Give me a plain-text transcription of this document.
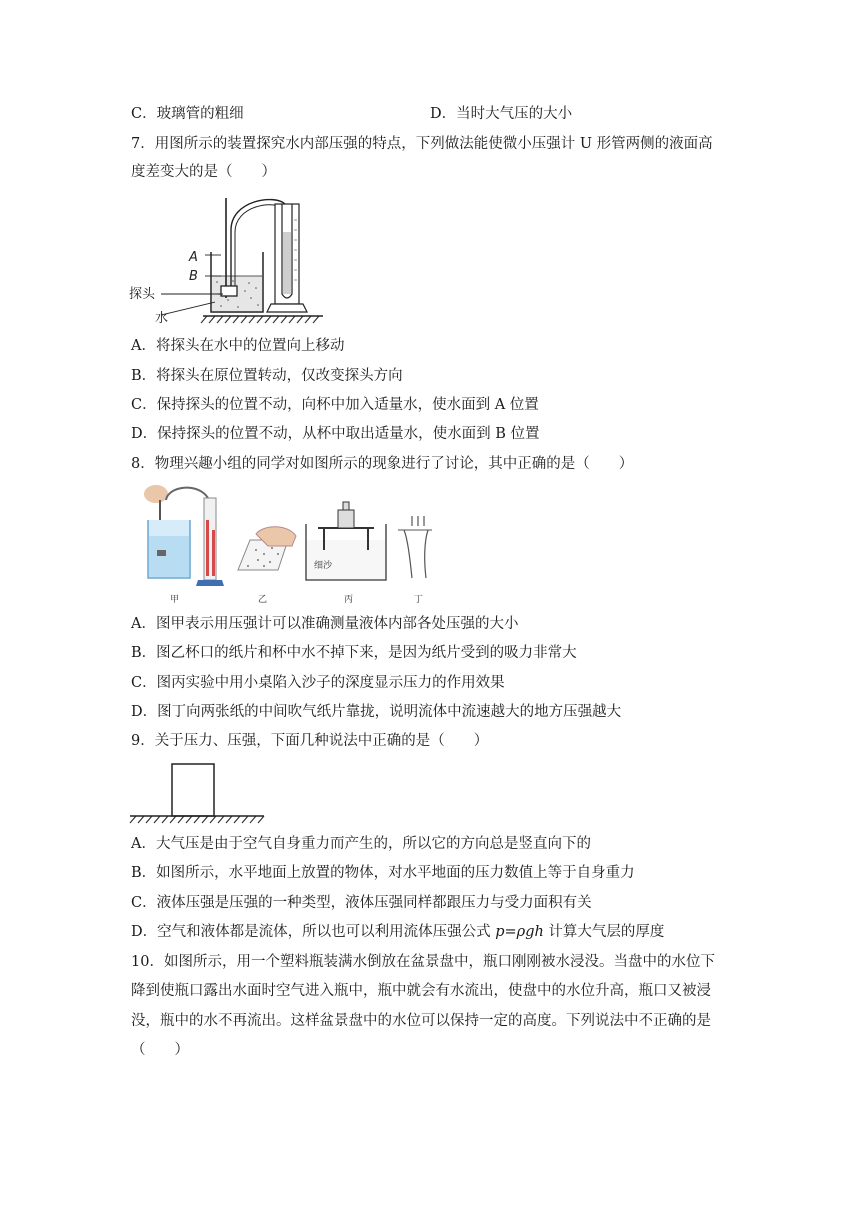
C．玻璃管的粗细	D．当时大气压的大小
7．用图所示的装置探究水内部压强的特点，下列做法能使微小压强计 U 形管两侧的液面高
度差变大的是（　　）
A
B
探头
水
A．将探头在水中的位置向上移动
B．将探头在原位置转动，仅改变探头方向
C．保持探头的位置不动，向杯中加入适量水，使水面到 A 位置
D．保持探头的位置不动，从杯中取出适量水，使水面到 B 位置
8．物理兴趣小组的同学对如图所示的现象进行了讨论，其中正确的是（　　）
细沙
甲	乙	丙	丁
A．图甲表示用压强计可以准确测量液体内部各处压强的大小
B．图乙杯口的纸片和杯中水不掉下来，是因为纸片受到的吸力非常大
C．图丙实验中用小桌陷入沙子的深度显示压力的作用效果
D．图丁向两张纸的中间吹气纸片靠拢，说明流体中流速越大的地方压强越大
9．关于压力、压强，下面几种说法中正确的是（　　）
A．大气压是由于空气自身重力而产生的，所以它的方向总是竖直向下的
B．如图所示，水平地面上放置的物体，对水平地面的压力数值上等于自身重力
C．液体压强是压强的一种类型，液体压强同样都跟压力与受力面积有关
D．空气和液体都是流体，所以也可以利用流体压强公式 p=ρgh 计算大气层的厚度
10．如图所示，用一个塑料瓶装满水倒放在盆景盘中，瓶口刚刚被水浸没。当盘中的水位下
降到使瓶口露出水面时空气进入瓶中，瓶中就会有水流出，使盘中的水位升高，瓶口又被浸
没，瓶中的水不再流出。这样盆景盘中的水位可以保持一定的高度。下列说法中不正确的是
（　　）
